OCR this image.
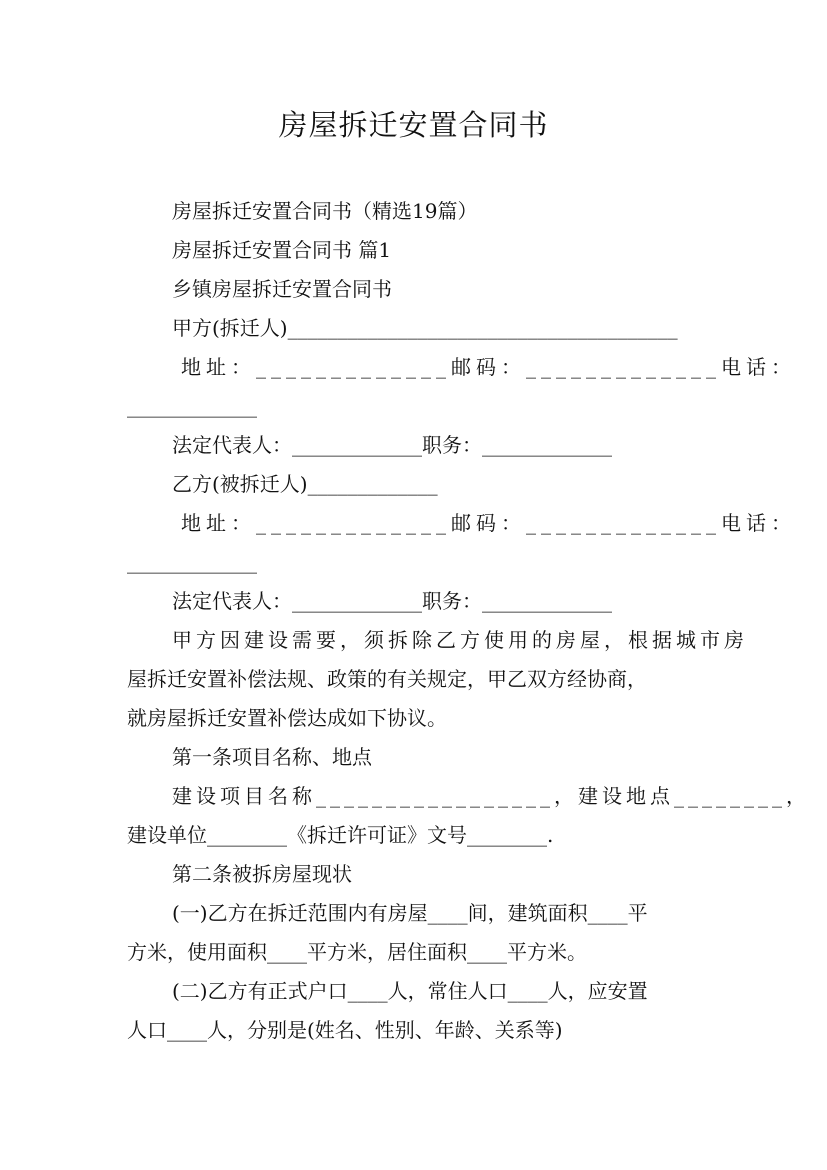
房屋拆迁安置合同书
房屋拆迁安置合同书（精选19篇）
房屋拆迁安置合同书 篇1
乡镇房屋拆迁安置合同书
甲方(拆迁人)_______________________________________
地址：_____________邮码：_____________电话：
_____________
法定代表人：_____________职务：_____________
乙方(被拆迁人)_____________
地址：_____________邮码：_____________电话：
_____________
法定代表人：_____________职务：_____________
甲方因建设需要，须拆除乙方使用的房屋，根据城市房
屋拆迁安置补偿法规、政策的有关规定，甲乙双方经协商，
就房屋拆迁安置补偿达成如下协议。
第一条项目名称、地点
建设项目名称_________________，建设地点________，
建设单位________《拆迁许可证》文号________.
第二条被拆房屋现状
(一)乙方在拆迁范围内有房屋____间，建筑面积____平
方米，使用面积____平方米，居住面积____平方米。
(二)乙方有正式户口____人，常住人口____人，应安置
人口____人，分别是(姓名、性别、年龄、关系等)
